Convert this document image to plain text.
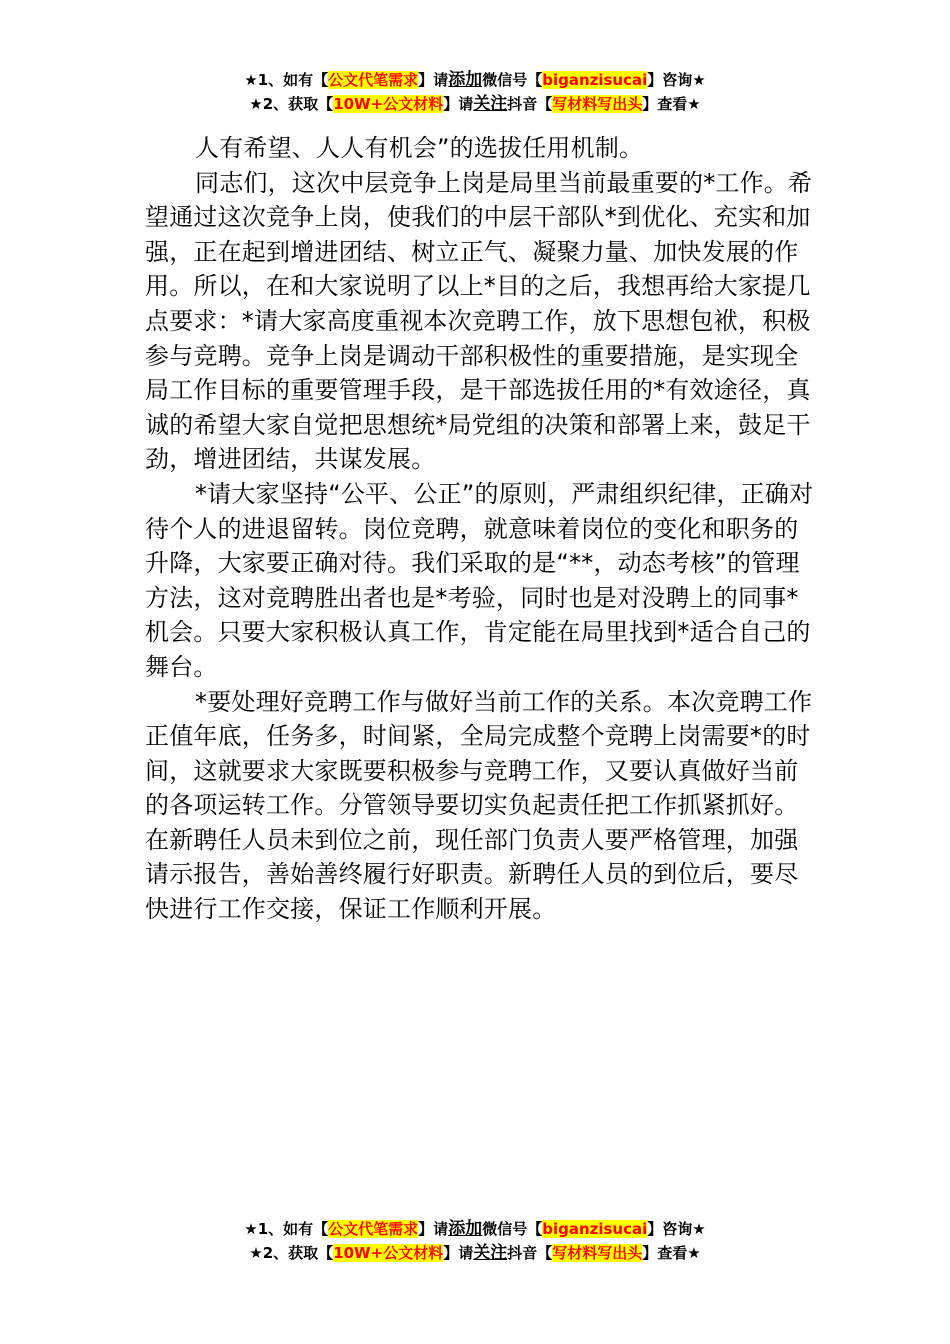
★1、如有【公文代笔需求】请添加微信号【biganzisucai】咨询★
★2、获取【10W+公文材料】请关注抖音【写材料写出头】查看★

人有希望、人人有机会”的选拔任用机制。

同志们，这次中层竞争上岗是局里当前最重要的*工作。希望通过这次竞争上岗，使我们的中层干部队*到优化、充实和加强，正在起到增进团结、树立正气、凝聚力量、加快发展的作用。所以，在和大家说明了以上*目的之后，我想再给大家提几点要求：*请大家高度重视本次竞聘工作，放下思想包袱，积极参与竞聘。竞争上岗是调动干部积极性的重要措施，是实现全局工作目标的重要管理手段，是干部选拔任用的*有效途径，真诚的希望大家自觉把思想统*局党组的决策和部署上来，鼓足干劲，增进团结，共谋发展。

*请大家坚持“公平、公正”的原则，严肃组织纪律，正确对待个人的进退留转。岗位竞聘，就意味着岗位的变化和职务的升降，大家要正确对待。我们采取的是“**，动态考核”的管理方法，这对竞聘胜出者也是*考验，同时也是对没聘上的同事*机会。只要大家积极认真工作，肯定能在局里找到*适合自己的舞台。

*要处理好竞聘工作与做好当前工作的关系。本次竞聘工作正值年底，任务多，时间紧，全局完成整个竞聘上岗需要*的时间，这就要求大家既要积极参与竞聘工作，又要认真做好当前的各项运转工作。分管领导要切实负起责任把工作抓紧抓好。在新聘任人员未到位之前，现任部门负责人要严格管理，加强请示报告，善始善终履行好职责。新聘任人员的到位后，要尽快进行工作交接，保证工作顺利开展。

★1、如有【公文代笔需求】请添加微信号【biganzisucai】咨询★
★2、获取【10W+公文材料】请关注抖音【写材料写出头】查看★
